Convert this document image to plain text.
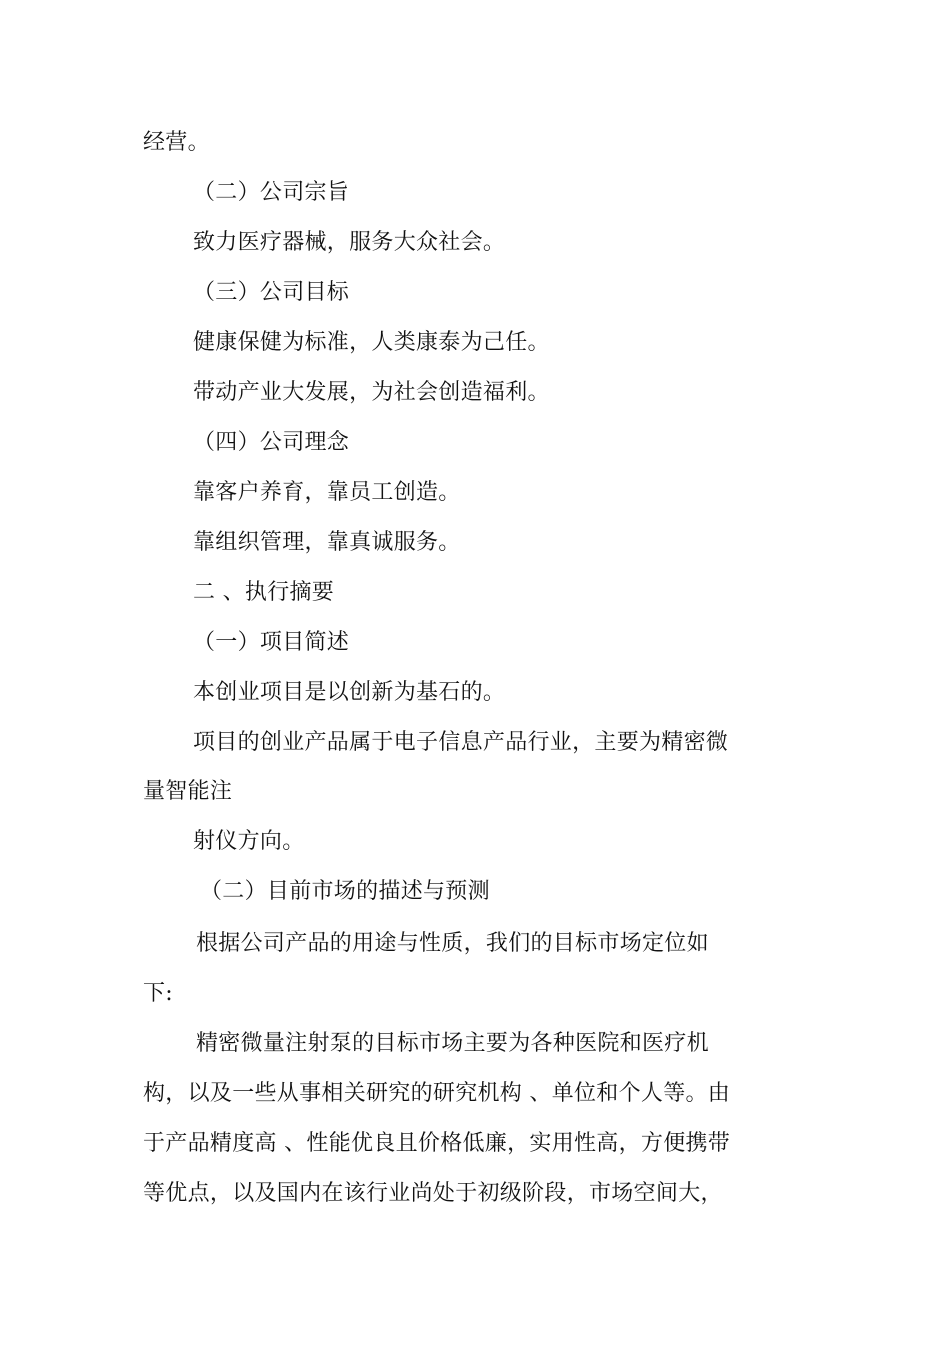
经营。
（二）公司宗旨
致力医疗器械，服务大众社会。
（三）公司目标
健康保健为标准，人类康泰为己任。
带动产业大发展，为社会创造福利。
（四）公司理念
靠客户养育，靠员工创造。
靠组织管理，靠真诚服务。
二 、执行摘要
（一）项目简述
本创业项目是以创新为基石的。
项目的创业产品属于电子信息产品行业，主要为精密微
量智能注
射仪方向。
（二）目前市场的描述与预测
根据公司产品的用途与性质，我们的目标市场定位如
下:
精密微量注射泵的目标市场主要为各种医院和医疗机
构，以及一些从事相关研究的研究机构 、单位和个人等。由
于产品精度高 、性能优良且价格低廉，实用性高，方便携带
等优点，以及国内在该行业尚处于初级阶段，市场空间大，
